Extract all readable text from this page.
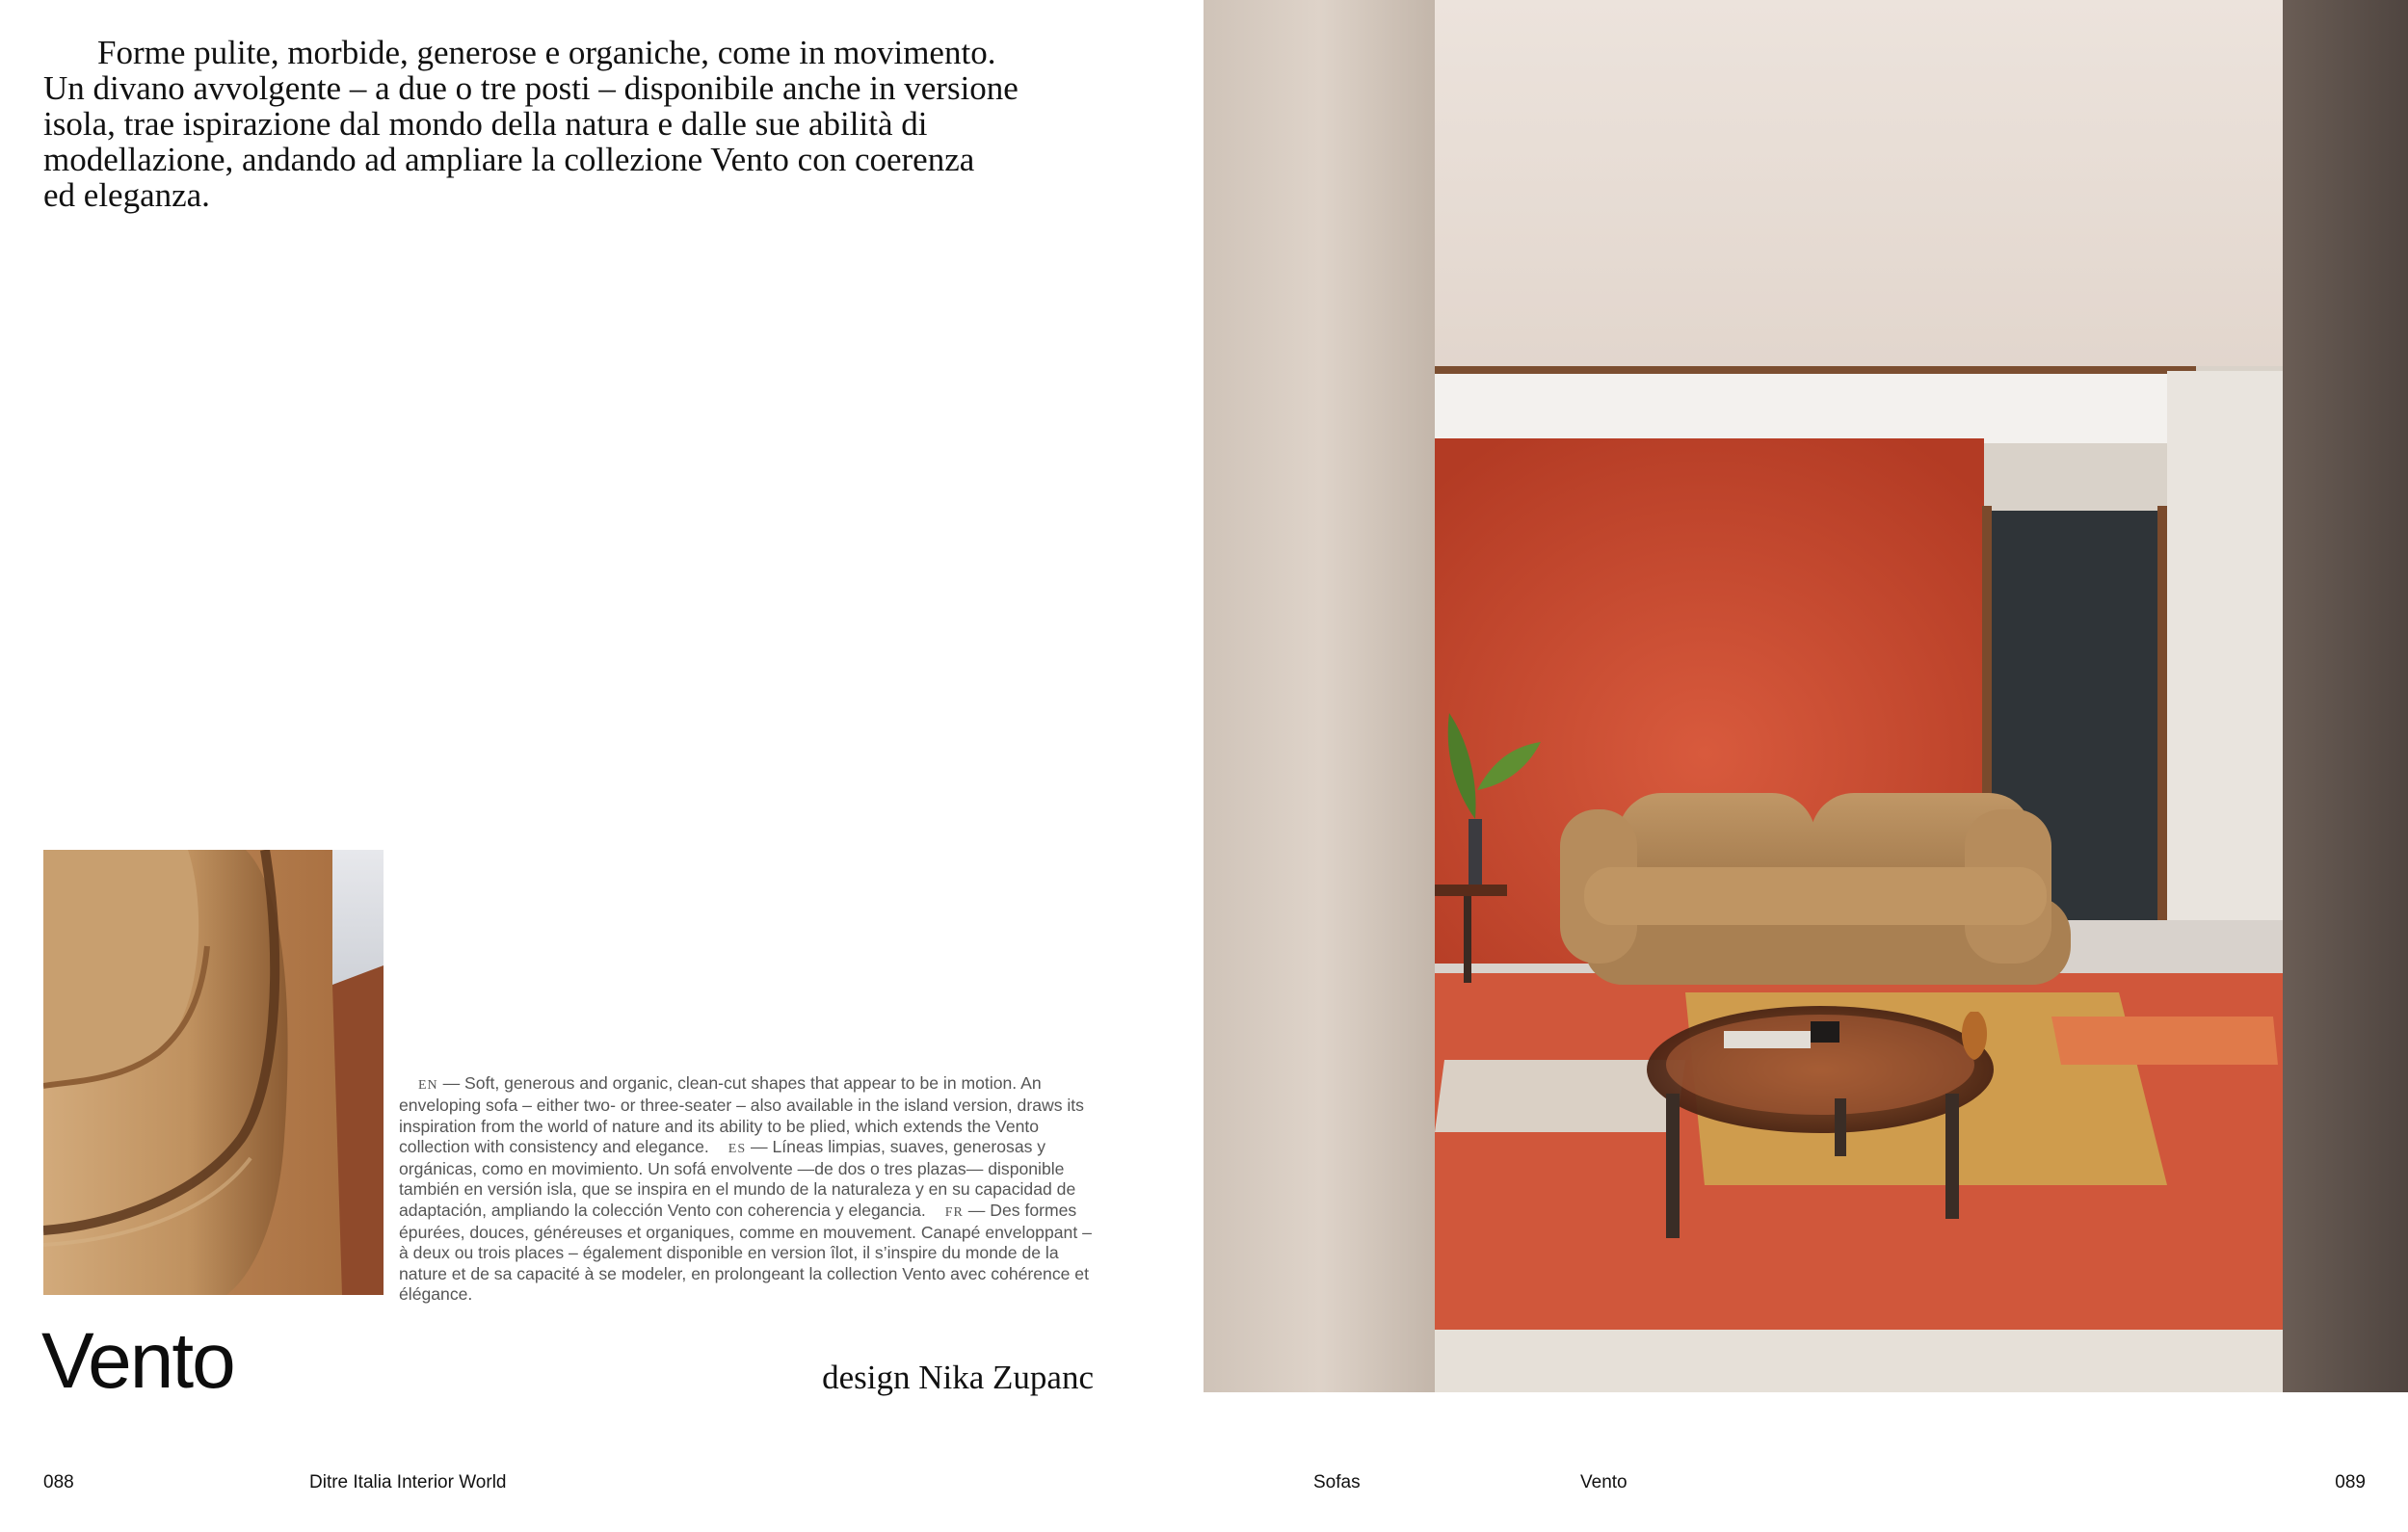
Forme pulite, morbide, generose e organiche, come in movimento.
Un divano avvolgente – a due o tre posti – disponibile anche in versione
isola, trae ispirazione dal mondo della natura e dalle sue abilità di
modellazione, andando ad ampliare la collezione Vento con coerenza
ed eleganza.

EN — Soft, generous and organic, clean-cut shapes that appear to be in motion. An enveloping sofa – either two- or three-seater – also available in the island version, draws its inspiration from the world of nature and its ability to be plied, which extends the Vento collection with consistency and elegance. ES — Líneas limpias, suaves, generosas y orgánicas, como en movimiento. Un sofá envolvente —de dos o tres plazas— disponible también en versión isla, que se inspira en el mundo de la naturaleza y en su capacidad de adaptación, ampliando la colección Vento con coherencia y elegancia. FR — Des formes épurées, douces, généreuses et organiques, comme en mouvement. Canapé enveloppant – à deux ou trois places – également disponible en version îlot, il s’inspire du monde de la nature et de sa capacité à se modeler, en prolongeant la collection Vento avec cohérence et élégance.

Vento	design Nika Zupanc

088	Ditre Italia Interior World	Sofas	Vento	089
